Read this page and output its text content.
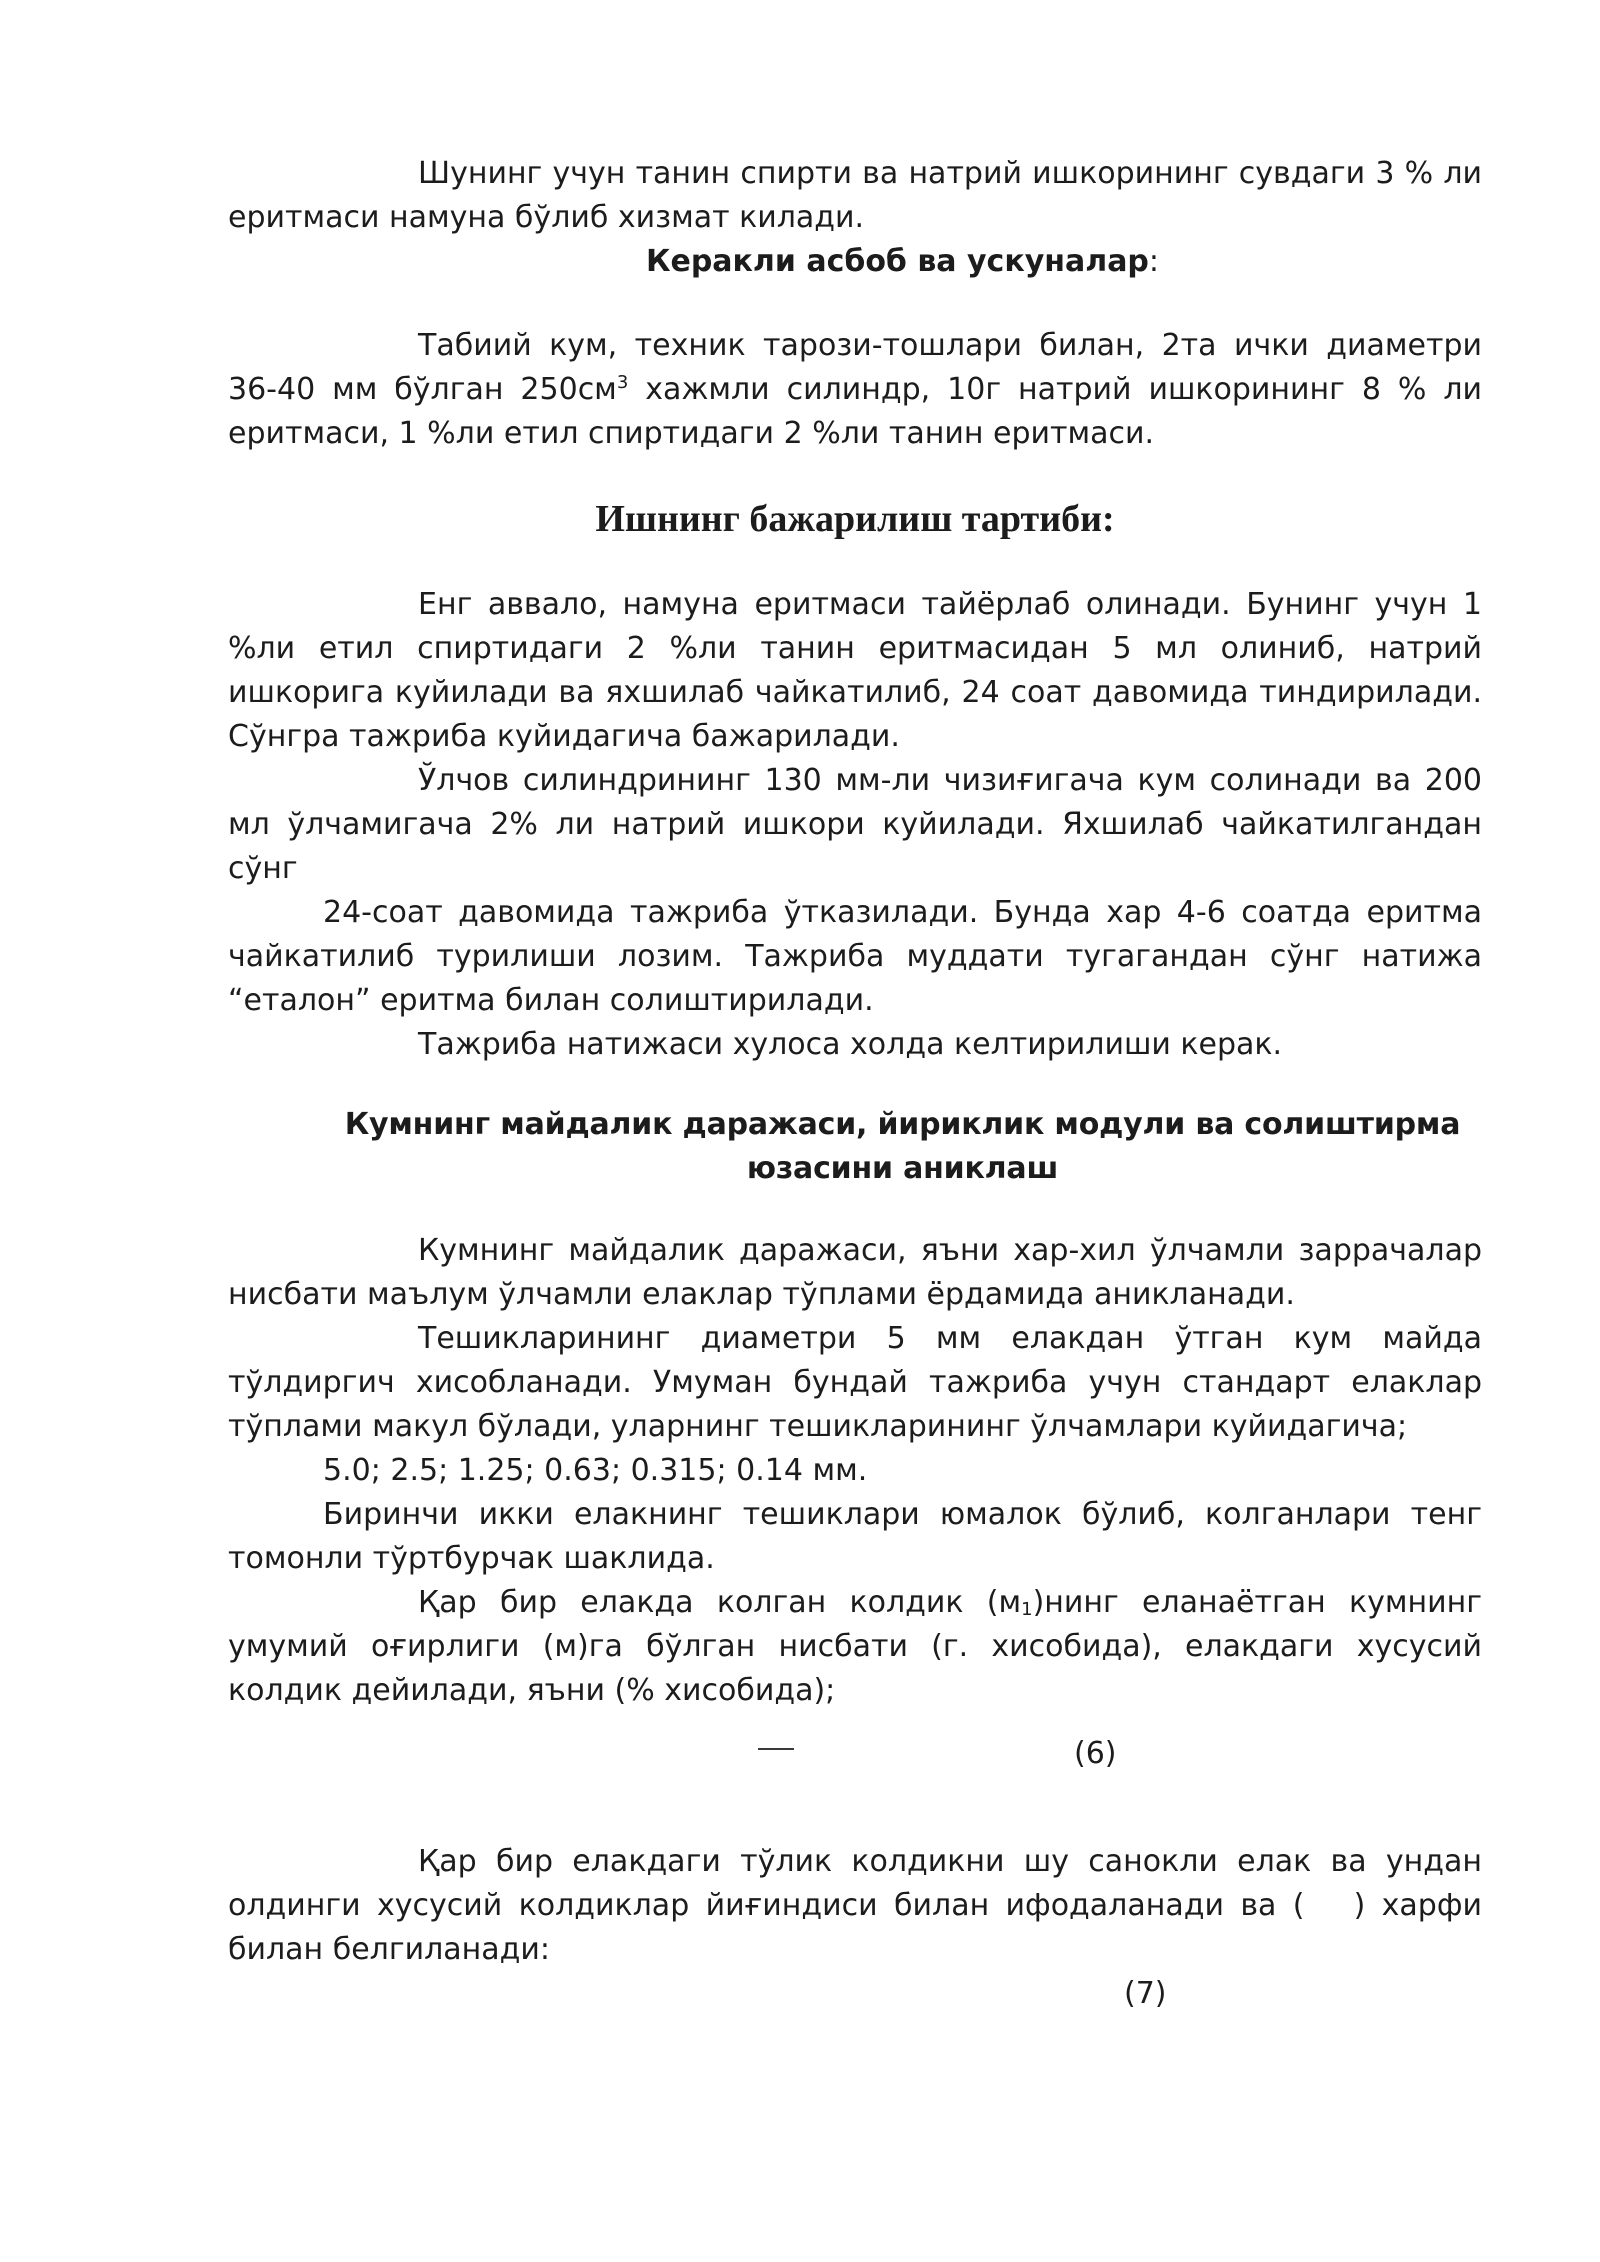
Шунинг учун танин спирти ва натрий ишкорининг сувдаги 3 % ли еритмаси намуна бўлиб хизмат килади.

Керакли асбоб ва ускуналар:

Табиий кум, техник тарози-тошлари билан, 2та ички диаметри 36-40 мм бўлган $250см^3$ хажмли силиндр, 10г натрий ишкорининг 8 % ли еритмаси, 1 %ли етил спиртидаги 2 %ли танин еритмаси.

Ишнинг бажарилиш тартиби:

Енг аввало, намуна еритмаси тайёрлаб олинади. Бунинг учун 1 %ли етил спиртидаги 2 %ли танин еритмасидан 5 мл олиниб, натрий ишкорига куйилади ва яхшилаб чайкатилиб, 24 соат давомида тиндирилади. Сўнгра тажриба куйидагича бажарилади.

Ўлчов силиндрининг 130 мм-ли чизиғигача кум солинади ва 200 мл ўлчамигача 2% ли натрий ишкори куйилади. Яхшилаб чайкатилгандан сўнг

24-соат давомида тажриба ўтказилади. Бунда хар 4-6 соатда еритма чайкатилиб турилиши лозим. Тажриба муддати тугагандан сўнг натижа “еталон” еритма билан солиштирилади.

Тажриба натижаси хулоса холда келтирилиши керак.

Кумнинг майдалик даражаси, йириклик модули ва солиштирма юзасини аниклаш

Кумнинг майдалик даражаси, яъни хар-хил ўлчамли заррачалар нисбати маълум ўлчамли елаклар тўплами ёрдамида аникланади.

Тешикларининг диаметри 5 мм елакдан ўтган кум майда тўлдиргич хисобланади. Умуман бундай тажриба учун стандарт елаклар тўплами макул бўлади, уларнинг тешикларининг ўлчамлари куйидагича;

5.0; 2.5; 1.25; 0.63; 0.315; 0.14 мм.

Биринчи икки елакнинг тешиклари юмалок бўлиб, колганлари тенг томонли тўртбурчак шаклида.

Қар бир елакда колган колдик $(м_1)нинг$ еланаётган кумнинг умумий оғирлиги (м)га бўлган нисбати (г. хисобида), елакдаги хусусий колдик дейилади, яъни (% хисобида);

(6)

Қар бир елакдаги тўлик колдикни шу санокли елак ва ундан олдинги хусусий колдиклар йиғиндиси билан ифодаланади ва (   ) харфи билан белгиланади:

(7)
